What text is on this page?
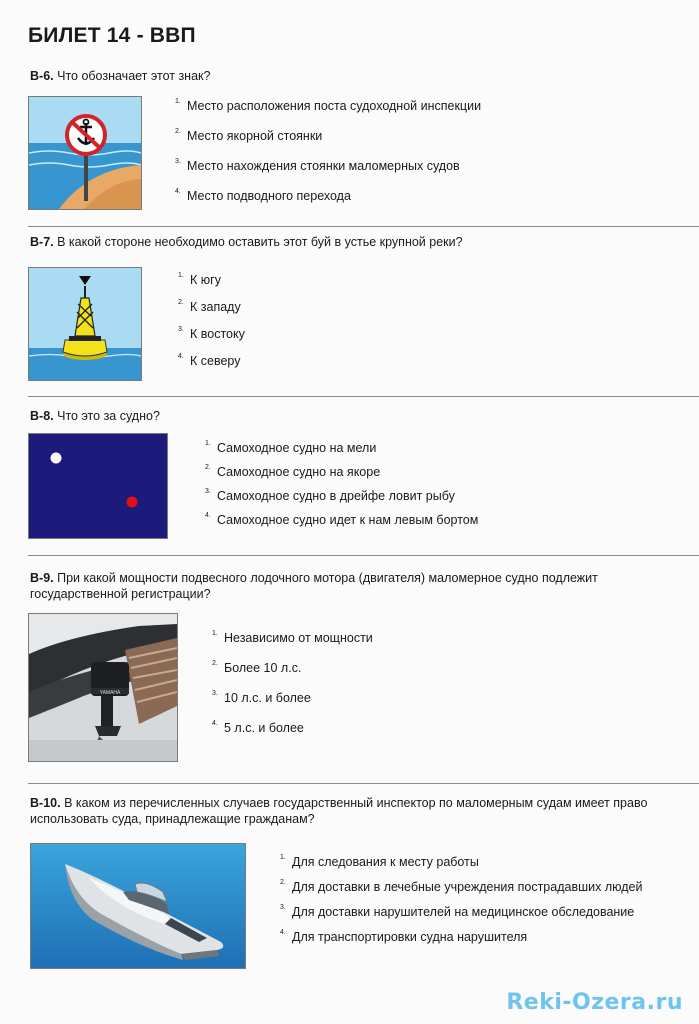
БИЛЕТ 14 - ВВП
В-6. Что обозначает этот знак?
1. Место расположения поста судоходной инспекции
2. Место якорной стоянки
3. Место нахождения стоянки маломерных судов
4. Место подводного перехода
В-7. В какой стороне необходимо оставить этот буй в устье крупной реки?
1. К югу
2. К западу
3. К востоку
4. К северу
В-8. Что это за судно?
1. Самоходное судно на мели
2. Самоходное судно на якоре
3. Самоходное судно в дрейфе ловит рыбу
4. Самоходное судно идет к нам левым бортом
В-9. При какой мощности подвесного лодочного мотора (двигателя) маломерное судно подлежит
государственной регистрации?
YAMAHA
1. Независимо от мощности
2. Более 10 л.с.
3. 10 л.с. и более
4. 5 л.с. и более
В-10. В каком из перечисленных случаев государственный инспектор по маломерным судам имеет право
использовать суда, принадлежащие гражданам?
1. Для следования к месту работы
2. Для доставки в лечебные учреждения пострадавших людей
3. Для доставки нарушителей на медицинское обследование
4. Для транспортировки судна нарушителя
Reki-Ozera.ru
